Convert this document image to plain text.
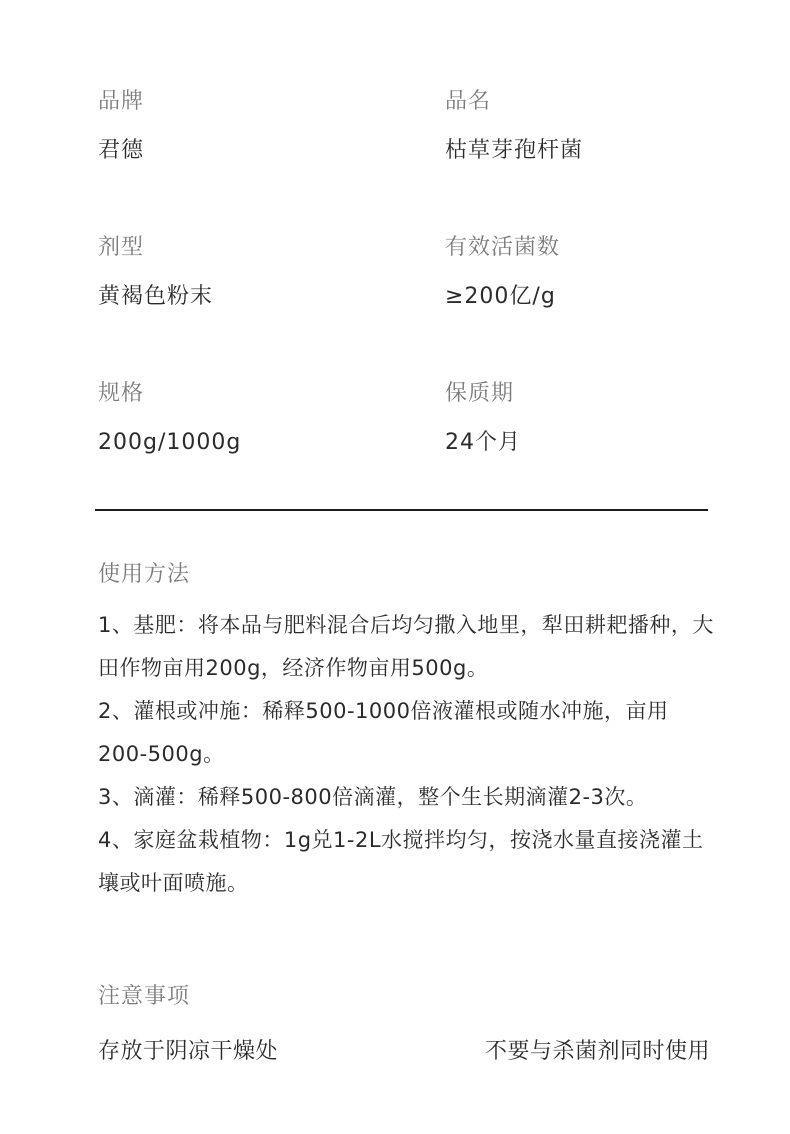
品牌
君德
品名
枯草芽孢杆菌
剂型
黄褐色粉末
有效活菌数
≥200亿/g
规格
200g/1000g
保质期
24个月
使用方法
1、基肥：将本品与肥料混合后均匀撒入地里，犁田耕耙播种，大田作物亩用200g，经济作物亩用500g。
2、灌根或冲施：稀释500-1000倍液灌根或随水冲施，亩用200-500g。
3、滴灌：稀释500-800倍滴灌，整个生长期滴灌2-3次。
4、家庭盆栽植物：1g兑1-2L水搅拌均匀，按浇水量直接浇灌土壤或叶面喷施。
注意事项
存放于阴凉干燥处	不要与杀菌剂同时使用
